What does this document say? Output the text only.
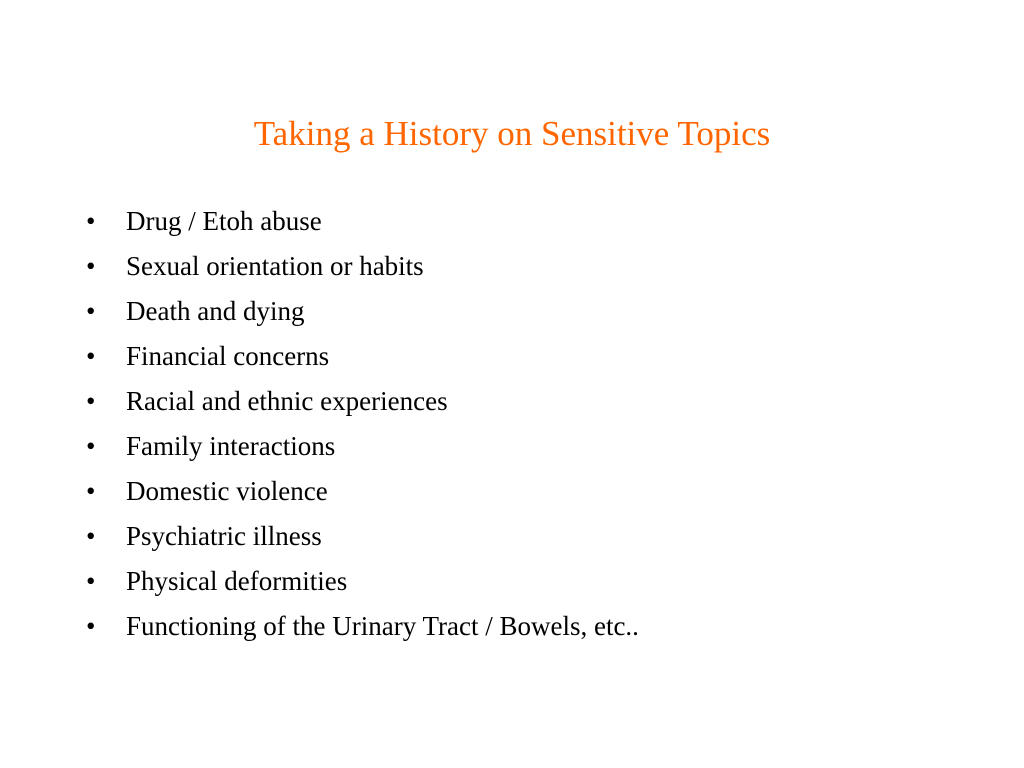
Taking a History on Sensitive Topics
•	Drug / Etoh abuse
•	Sexual orientation or habits
•	Death and dying
•	Financial concerns
•	Racial and ethnic experiences
•	Family interactions
•	Domestic violence
•	Psychiatric illness
•	Physical deformities
•	Functioning of the Urinary Tract / Bowels, etc..
